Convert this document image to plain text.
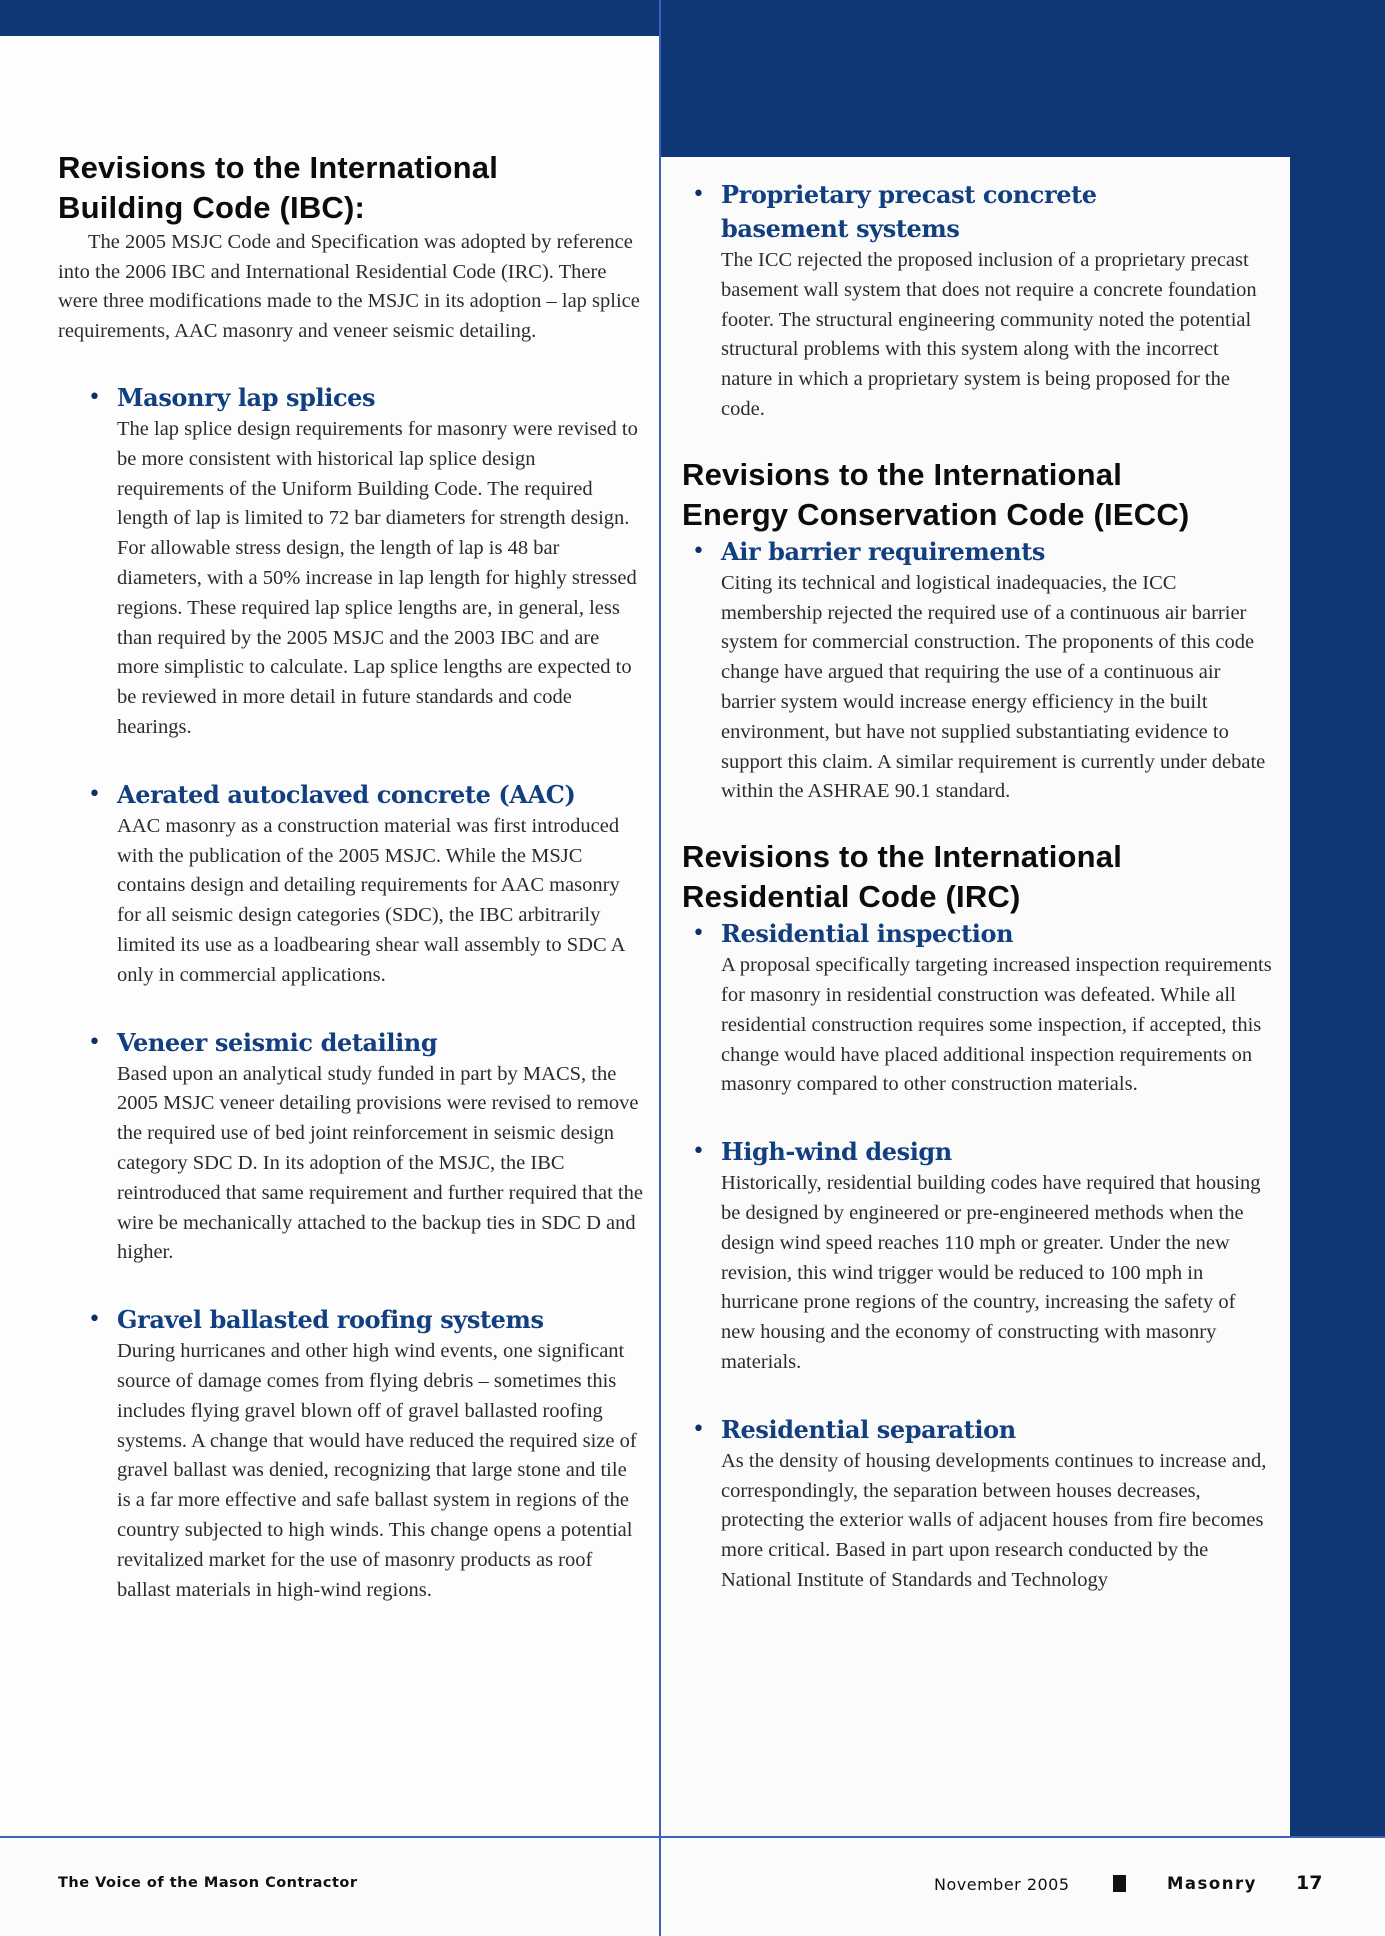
Revisions to the International
Building Code (IBC):

The 2005 MSJC Code and Specification was adopted by reference into the 2006 IBC and International Residential Code (IRC). There were three modifications made to the MSJC in its adoption – lap splice requirements, AAC masonry and veneer seismic detailing.

• Masonry lap splices

The lap splice design requirements for masonry were revised to be more consistent with historical lap splice design requirements of the Uniform Building Code. The required length of lap is limited to 72 bar diameters for strength design. For allowable stress design, the length of lap is 48 bar diameters, with a 50% increase in lap length for highly stressed regions. These required lap splice lengths are, in general, less than required by the 2005 MSJC and the 2003 IBC and are more simplistic to calculate. Lap splice lengths are expected to be reviewed in more detail in future standards and code hearings.

• Aerated autoclaved concrete (AAC)

AAC masonry as a construction material was first introduced with the publication of the 2005 MSJC. While the MSJC contains design and detailing requirements for AAC masonry for all seismic design categories (SDC), the IBC arbitrarily limited its use as a loadbearing shear wall assembly to SDC A only in commercial applications.

• Veneer seismic detailing

Based upon an analytical study funded in part by MACS, the 2005 MSJC veneer detailing provisions were revised to remove the required use of bed joint reinforcement in seismic design category SDC D. In its adoption of the MSJC, the IBC reintroduced that same requirement and further required that the wire be mechanically attached to the backup ties in SDC D and higher.

• Gravel ballasted roofing systems

During hurricanes and other high wind events, one significant source of damage comes from flying debris – sometimes this includes flying gravel blown off of gravel ballasted roofing systems. A change that would have reduced the required size of gravel ballast was denied, recognizing that large stone and tile is a far more effective and safe ballast system in regions of the country subjected to high winds. This change opens a potential revitalized market for the use of masonry products as roof ballast materials in high-wind regions.

• Proprietary precast concrete
basement systems

The ICC rejected the proposed inclusion of a proprietary precast basement wall system that does not require a concrete foundation footer. The structural engineering community noted the potential structural problems with this system along with the incorrect nature in which a proprietary system is being proposed for the code.

Revisions to the International
Energy Conservation Code (IECC)
• Air barrier requirements

Citing its technical and logistical inadequacies, the ICC membership rejected the required use of a continuous air barrier system for commercial construction. The proponents of this code change have argued that requiring the use of a continuous air barrier system would increase energy efficiency in the built environment, but have not supplied substantiating evidence to support this claim. A similar requirement is currently under debate within the ASHRAE 90.1 standard.

Revisions to the International
Residential Code (IRC)
• Residential inspection

A proposal specifically targeting increased inspection requirements for masonry in residential construction was defeated. While all residential construction requires some inspection, if accepted, this change would have placed additional inspection requirements on masonry compared to other construction materials.

• High-wind design

Historically, residential building codes have required that housing be designed by engineered or pre-engineered methods when the design wind speed reaches 110 mph or greater. Under the new revision, this wind trigger would be reduced to 100 mph in hurricane prone regions of the country, increasing the safety of new housing and the economy of constructing with masonry materials.

• Residential separation

As the density of housing developments continues to increase and, correspondingly, the separation between houses decreases, protecting the exterior walls of adjacent houses from fire becomes more critical. Based in part upon research conducted by the National Institute of Standards and Technology

The Voice of the Mason Contractor	November 2005	Masonry 17
